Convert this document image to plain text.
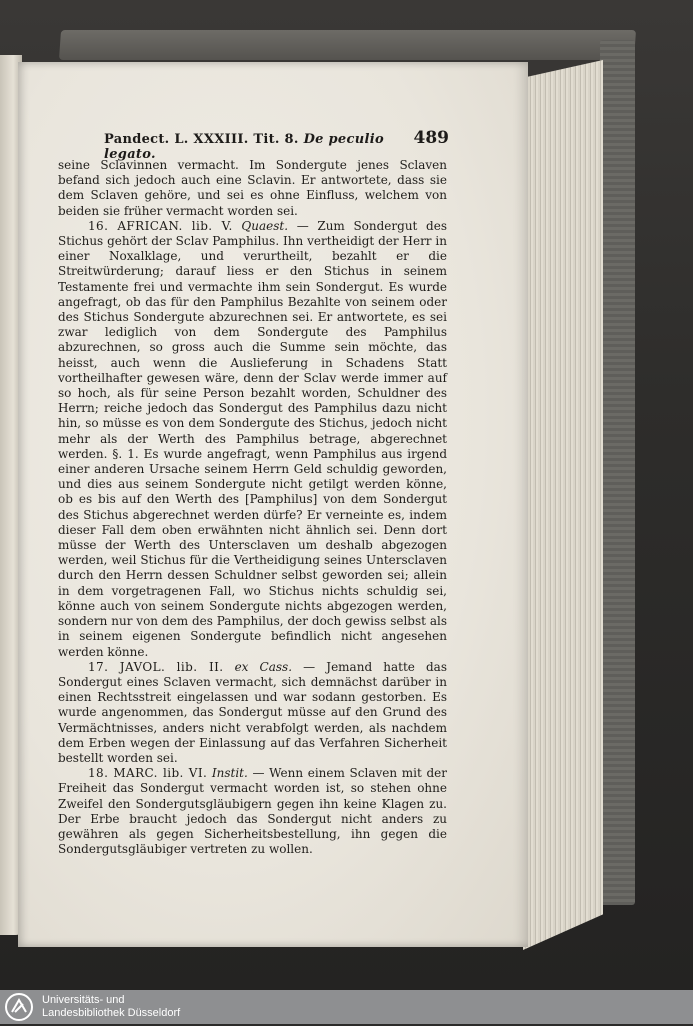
Pandect. L. XXXIII. Tit. 8. De peculio legato.
489

seine Sclavinnen vermacht. Im Sondergute jenes Sclaven befand sich jedoch auch eine Sclavin. Er antwortete, dass sie dem Sclaven gehöre, und sei es ohne Einfluss, welchem von beiden sie früher vermacht worden sei.

16. AFRICAN. lib. V. Quaest. — Zum Sondergut des Stichus gehört der Sclav Pamphilus. Ihn vertheidigt der Herr in einer Noxalklage, und verurtheilt, bezahlt er die Streitwürderung; darauf liess er den Stichus in seinem Testamente frei und vermachte ihm sein Sondergut. Es wurde angefragt, ob das für den Pamphilus Bezahlte von seinem oder des Stichus Sondergute abzurechnen sei. Er antwortete, es sei zwar lediglich von dem Sondergute des Pamphilus abzurechnen, so gross auch die Summe sein möchte, das heisst, auch wenn die Auslieferung in Schadens Statt vortheilhafter gewesen wäre, denn der Sclav werde immer auf so hoch, als für seine Person bezahlt worden, Schuldner des Herrn; reiche jedoch das Sondergut des Pamphilus dazu nicht hin, so müsse es von dem Sondergute des Stichus, jedoch nicht mehr als der Werth des Pamphilus betrage, abgerechnet werden. §. 1. Es wurde angefragt, wenn Pamphilus aus irgend einer anderen Ursache seinem Herrn Geld schuldig geworden, und dies aus seinem Sondergute nicht getilgt werden könne, ob es bis auf den Werth des [Pamphilus] von dem Sondergut des Stichus abgerechnet werden dürfe? Er verneinte es, indem dieser Fall dem oben erwähnten nicht ähnlich sei. Denn dort müsse der Werth des Untersclaven um deshalb abgezogen werden, weil Stichus für die Vertheidigung seines Untersclaven durch den Herrn dessen Schuldner selbst geworden sei; allein in dem vorgetragenen Fall, wo Stichus nichts schuldig sei, könne auch von seinem Sondergute nichts abgezogen werden, sondern nur von dem des Pamphilus, der doch gewiss selbst als in seinem eigenen Sondergute befindlich nicht angesehen werden könne.

17. JAVOL. lib. II. ex Cass. — Jemand hatte das Sondergut eines Sclaven vermacht, sich demnächst darüber in einen Rechtsstreit eingelassen und war sodann gestorben. Es wurde angenommen, das Sondergut müsse auf den Grund des Vermächtnisses, anders nicht verabfolgt werden, als nachdem dem Erben wegen der Einlassung auf das Verfahren Sicherheit bestellt worden sei.

18. MARC. lib. VI. Instit. — Wenn einem Sclaven mit der Freiheit das Sondergut vermacht worden ist, so stehen ohne Zweifel den Sondergutsgläubigern gegen ihn keine Klagen zu. Der Erbe braucht jedoch das Sondergut nicht anders zu gewähren als gegen Sicherheitsbestellung, ihn gegen die Sondergutsgläubiger vertreten zu wollen.

Universitäts- und
Landesbibliothek Düsseldorf
